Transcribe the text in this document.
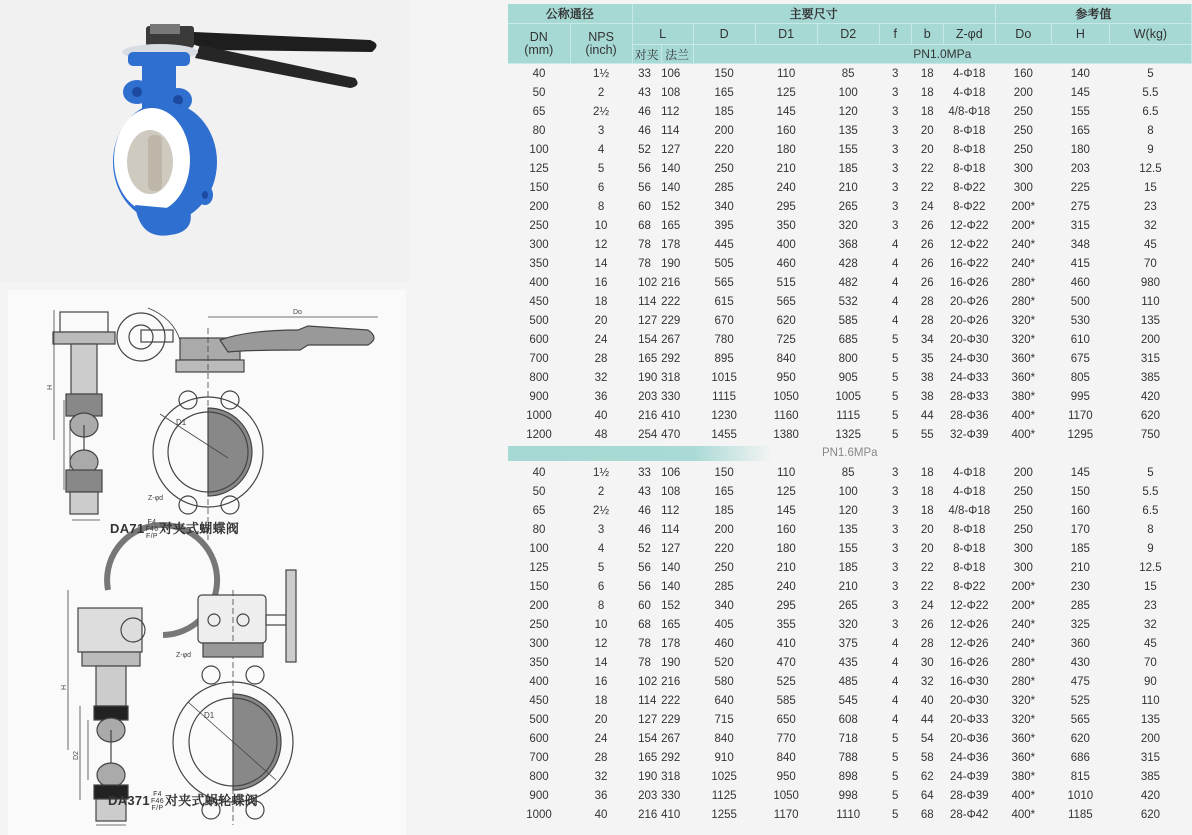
Do
D1
Z-φd
H
D1
Z-φd
H
D2
DA71 F4
F46
F/P
对夹式蝴蝶阀
DA371 F4
F46
F/P
对夹式蜗轮蝶阀
公称通径		主要尺寸								参考值		
DN
(mm)	NPS
(inch)	L		D	D1	D2	f	b	Z-φd	Do	H	W(kg)
		对夹	法兰	PN1.0MPa								
40	1½	33	106	150	110	85	3	18	4-Φ18	160	140	5
50	2	43	108	165	125	100	3	18	4-Φ18	200	145	5.5
65	2½	46	112	185	145	120	3	18	4/8-Φ18	250	155	6.5
80	3	46	114	200	160	135	3	20	8-Φ18	250	165	8
100	4	52	127	220	180	155	3	20	8-Φ18	250	180	9
125	5	56	140	250	210	185	3	22	8-Φ18	300	203	12.5
150	6	56	140	285	240	210	3	22	8-Φ22	300	225	15
200	8	60	152	340	295	265	3	24	8-Φ22	200*	275	23
250	10	68	165	395	350	320	3	26	12-Φ22	200*	315	32
300	12	78	178	445	400	368	4	26	12-Φ22	240*	348	45
350	14	78	190	505	460	428	4	26	16-Φ22	240*	415	70
400	16	102	216	565	515	482	4	26	16-Φ26	280*	460	980
450	18	114	222	615	565	532	4	28	20-Φ26	280*	500	110
500	20	127	229	670	620	585	4	28	20-Φ26	320*	530	135
600	24	154	267	780	725	685	5	34	20-Φ30	320*	610	200
700	28	165	292	895	840	800	5	35	24-Φ30	360*	675	315
800	32	190	318	1015	950	905	5	38	24-Φ33	360*	805	385
900	36	203	330	1115	1050	1005	5	38	28-Φ33	380*	995	420
1000	40	216	410	1230	1160	1115	5	44	28-Φ36	400*	1170	620
1200	48	254	470	1455	1380	1325	5	55	32-Φ39	400*	1295	750

PN1.6MPa												

40	1½	33	106	150	110	85	3	18	4-Φ18	200	145	5
50	2	43	108	165	125	100	3	18	4-Φ18	250	150	5.5
65	2½	46	112	185	145	120	3	18	4/8-Φ18	250	160	6.5
80	3	46	114	200	160	135	3	20	8-Φ18	250	170	8
100	4	52	127	220	180	155	3	20	8-Φ18	300	185	9
125	5	56	140	250	210	185	3	22	8-Φ18	300	210	12.5
150	6	56	140	285	240	210	3	22	8-Φ22	200*	230	15
200	8	60	152	340	295	265	3	24	12-Φ22	200*	285	23
250	10	68	165	405	355	320	3	26	12-Φ26	240*	325	32
300	12	78	178	460	410	375	4	28	12-Φ26	240*	360	45
350	14	78	190	520	470	435	4	30	16-Φ26	280*	430	70
400	16	102	216	580	525	485	4	32	16-Φ30	280*	475	90
450	18	114	222	640	585	545	4	40	20-Φ30	320*	525	110
500	20	127	229	715	650	608	4	44	20-Φ33	320*	565	135
600	24	154	267	840	770	718	5	54	20-Φ36	360*	620	200
700	28	165	292	910	840	788	5	58	24-Φ36	360*	686	315
800	32	190	318	1025	950	898	5	62	24-Φ39	380*	815	385
900	36	203	330	1125	1050	998	5	64	28-Φ39	400*	1010	420
1000	40	216	410	1255	1170	1110	5	68	28-Φ42	400*	1185	620
